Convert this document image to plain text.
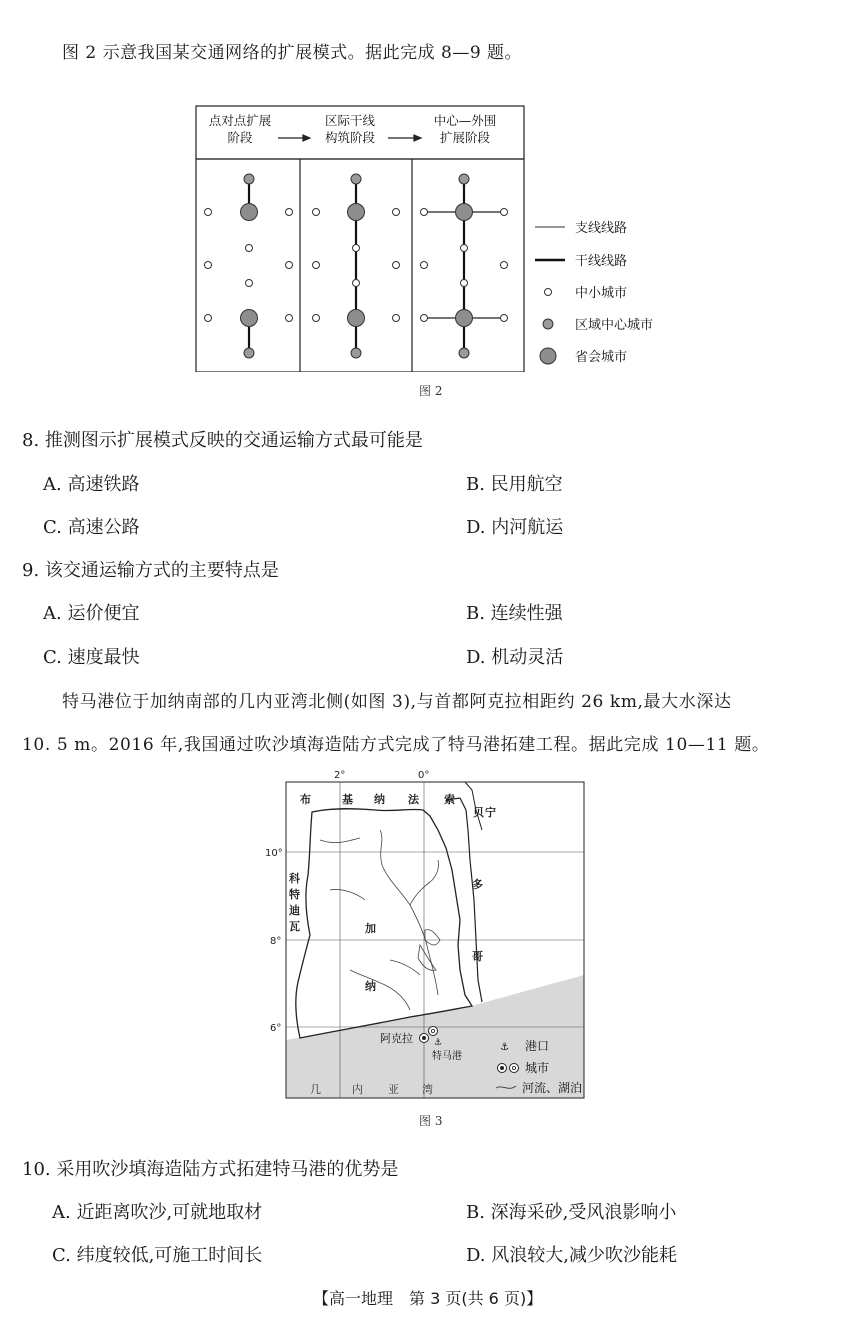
图 2 示意我国某交通网络的扩展模式。据此完成 8—9 题。
点对点扩展
阶段
区际干线
构筑阶段
中心—外围
扩展阶段
支线线路
干线线路
中小城市
区域中心城市
省会城市
图 2
8. 推测图示扩展模式反映的交通运输方式最可能是
A. 高速铁路	B. 民用航空
C. 高速公路	D. 内河航运
9. 该交通运输方式的主要特点是
A. 运价便宜	B. 连续性强
C. 速度最快	D. 机动灵活
特马港位于加纳南部的几内亚湾北侧(如图 3),与首都阿克拉相距约 26 km,最大水深达
10. 5 m。2016 年,我国通过吹沙填海造陆方式完成了特马港拓建工程。据此完成 10—11 题。
2°	0°
10°
8°
6°
布	基 纳 法 索
贝 宁
科
特
迪
瓦
多
哥
加
纳
几	内 亚 湾
⚓
阿克拉
特马港
⚓ 港口
城市
河流、湖泊
图 3
10. 采用吹沙填海造陆方式拓建特马港的优势是
A. 近距离吹沙,可就地取材	B. 深海采砂,受风浪影响小
C. 纬度较低,可施工时间长	D. 风浪较大,减少吹沙能耗
【高一地理　第 3 页(共 6 页)】
